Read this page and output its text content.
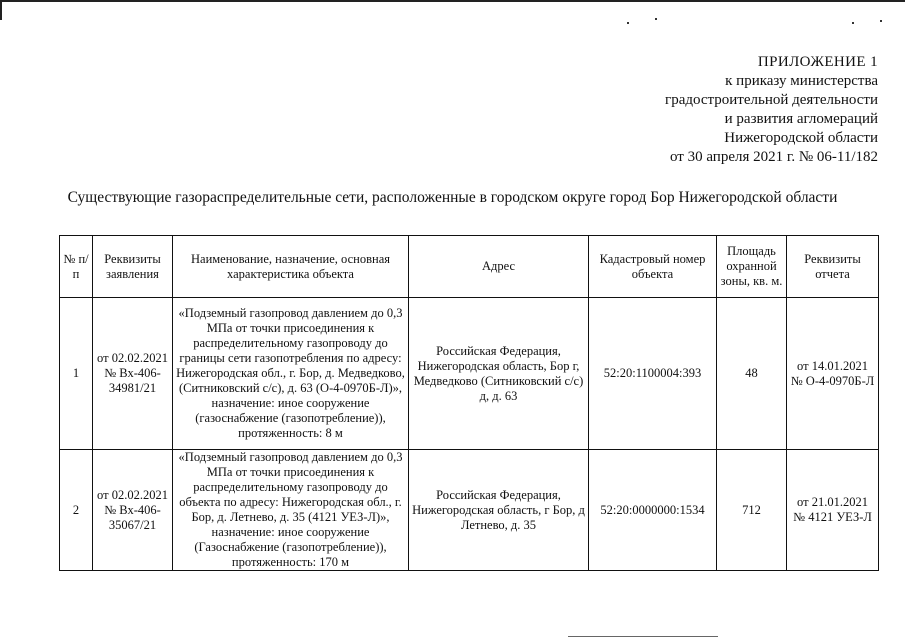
ПРИЛОЖЕНИЕ 1
к приказу министерства
градостроительной деятельности
и развития агломераций
Нижегородской области
от 30 апреля 2021 г. № 06-11/182
Существующие газораспределительные сети, расположенные в городском округе город Бор Нижегородской области
№ п/п	Реквизиты заявления	Наименование, назначение, основная характеристика объекта	Адрес	Кадастровый номер объекта	Площадь охранной зоны, кв. м.	Реквизиты отчета
1	от 02.02.2021 № Вх-406-34981/21	«Подземный газопровод давлением до 0,3 МПа от точки присоединения к распределительному газопроводу до границы сети газопотребления по адресу: Нижегородская обл., г. Бор, д. Медведково, (Ситниковский с/с), д. 63 (О-4-0970Б-Л)», назначение: иное сооружение (газоснабжение (газопотребление)), протяженность: 8 м	Российская Федерация, Нижегородская область, Бор г, Медведково (Ситниковский с/с) д, д. 63	52:20:1100004:393	48	от 14.01.2021 № О-4-0970Б-Л
2	от 02.02.2021 № Вх-406-35067/21	«Подземный газопровод давлением до 0,3 МПа от точки присоединения к распределительному газопроводу до объекта по адресу: Нижегородская обл., г. Бор, д. Летнево, д. 35 (4121 УЕЗ-Л)», назначение: иное сооружение (Газоснабжение (газопотребление)), протяженность: 170 м	Российская Федерация, Нижегородская область, г Бор, д Летнево, д. 35	52:20:0000000:1534	712	от 21.01.2021 № 4121 УЕЗ-Л
